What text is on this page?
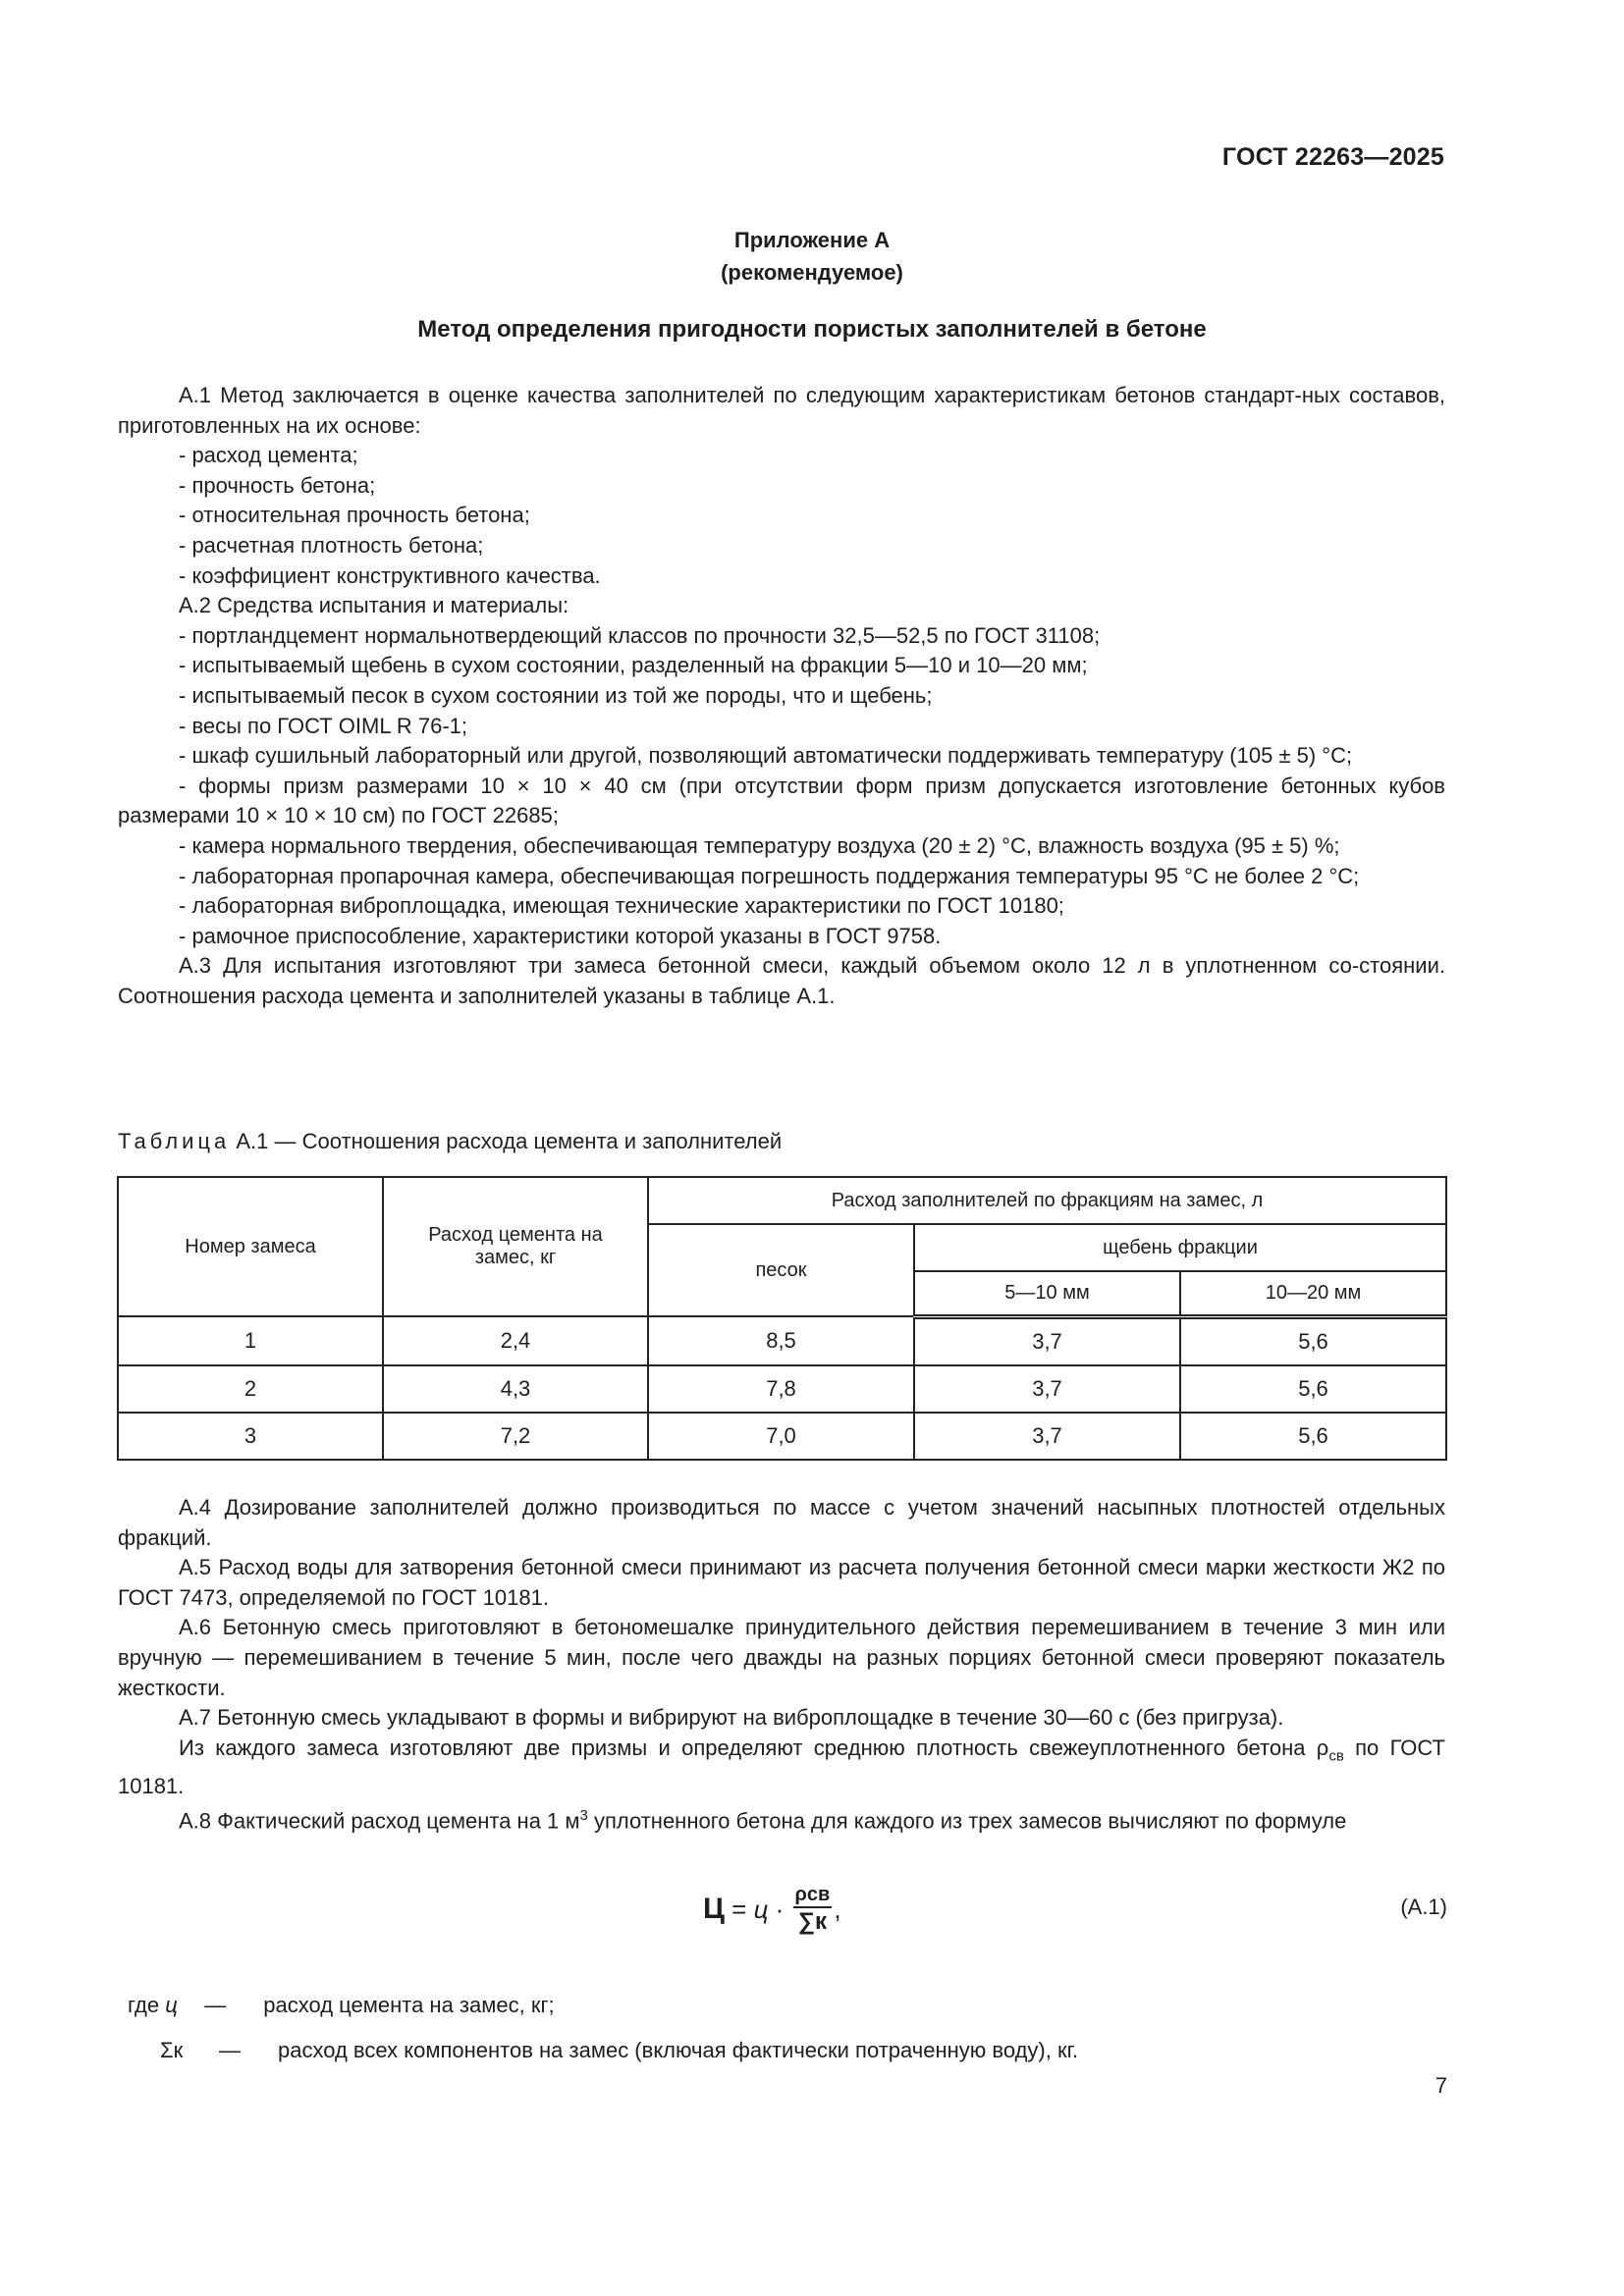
ГОСТ 22263—2025
Приложение А
(рекомендуемое)
Метод определения пригодности пористых заполнителей в бетоне

А.1 Метод заключается в оценке качества заполнителей по следующим характеристикам бетонов стандарт-ных составов, приготовленных на их основе:

- расход цемента;

- прочность бетона;

- относительная прочность бетона;

- расчетная плотность бетона;

- коэффициент конструктивного качества.

А.2 Средства испытания и материалы:

- портландцемент нормальнотвердеющий классов по прочности 32,5—52,5 по ГОСТ 31108;

- испытываемый щебень в сухом состоянии, разделенный на фракции 5—10 и 10—20 мм;

- испытываемый песок в сухом состоянии из той же породы, что и щебень;

- весы по ГОСТ OIML R 76-1;

- шкаф сушильный лабораторный или другой, позволяющий автоматически поддерживать температуру (105 ± 5) °С;

- формы призм размерами 10 × 10 × 40 см (при отсутствии форм призм допускается изготовление бетонных кубов размерами 10 × 10 × 10 см) по ГОСТ 22685;

- камера нормального твердения, обеспечивающая температуру воздуха (20 ± 2) °С, влажность воздуха (95 ± 5) %;

- лабораторная пропарочная камера, обеспечивающая погрешность поддержания температуры 95 °С не более 2 °С;

- лабораторная виброплощадка, имеющая технические характеристики по ГОСТ 10180;

- рамочное приспособление, характеристики которой указаны в ГОСТ 9758.

А.3 Для испытания изготовляют три замеса бетонной смеси, каждый объемом около 12 л в уплотненном со-стоянии. Соотношения расхода цемента и заполнителей указаны в таблице А.1.

Таблица А.1 — Соотношения расхода цемента и заполнителей
Номер замеса	Расход цемента на замес, кг	Расход заполнителей по фракциям на замес, л		
		песок	щебень фракции	
			5—10 мм	10—20 мм
1	2,4	8,5	3,7	5,6
2	4,3	7,8	3,7	5,6
3	7,2	7,0	3,7	5,6

А.4 Дозирование заполнителей должно производиться по массе с учетом значений насыпных плотностей отдельных фракций.

А.5 Расход воды для затворения бетонной смеси принимают из расчета получения бетонной смеси марки жесткости Ж2 по ГОСТ 7473, определяемой по ГОСТ 10181.

А.6 Бетонную смесь приготовляют в бетономешалке принудительного действия перемешиванием в течение 3 мин или вручную — перемешиванием в течение 5 мин, после чего дважды на разных порциях бетонной смеси проверяют показатель жесткости.

А.7 Бетонную смесь укладывают в формы и вибрируют на виброплощадке в течение 30—60 с (без пригруза).

Из каждого замеса изготовляют две призмы и определяют среднюю плотность свежеуплотненного бетона $\rho_{св}$ по ГОСТ 10181.

А.8 Фактический расход цемента на 1 $м^3$ уплотненного бетона для каждого из трех замесов вычисляют по формуле

$Ц = ц \cdot \frac{\text{ρсв}}{\sum к}$ ,	(А.1)
где ц — расход цемента на замес, кг;
Σк — расход всех компонентов на замес (включая фактически потраченную воду), кг.
7
